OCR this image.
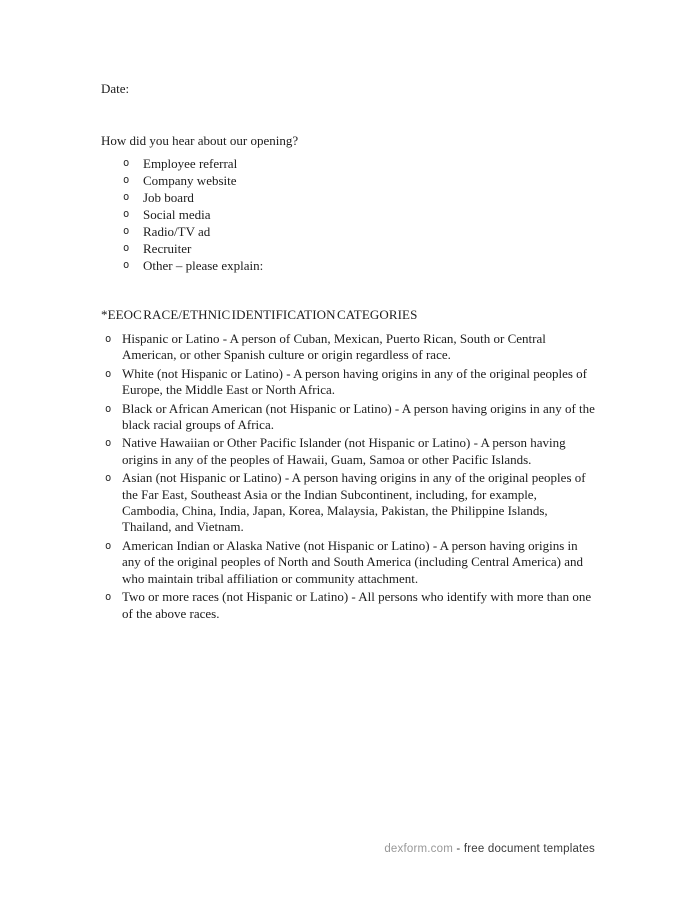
Date:

How did you hear about our opening?

o	Employee referral
o	Company website
o	Job board
o	Social media
o	Radio/TV ad
o	Recruiter
o	Other – please explain:

*EEOC RACE/ETHNIC IDENTIFICATION CATEGORIES

o Hispanic or Latino - A person of Cuban, Mexican, Puerto Rican, South or Central American, or other Spanish culture or origin regardless of race.
o White (not Hispanic or Latino) - A person having origins in any of the original peoples of Europe, the Middle East or North Africa.
o Black or African American (not Hispanic or Latino) - A person having origins in any of the black racial groups of Africa.
o Native Hawaiian or Other Pacific Islander (not Hispanic or Latino) - A person having origins in any of the peoples of Hawaii, Guam, Samoa or other Pacific Islands.
o Asian (not Hispanic or Latino) - A person having origins in any of the original peoples of the Far East, Southeast Asia or the Indian Subcontinent, including, for example, Cambodia, China, India, Japan, Korea, Malaysia, Pakistan, the Philippine Islands, Thailand, and Vietnam.
o American Indian or Alaska Native (not Hispanic or Latino) - A person having origins in any of the original peoples of North and South America (including Central America) and who maintain tribal affiliation or community attachment.
o Two or more races (not Hispanic or Latino) - All persons who identify with more than one of the above races.
dexform.com - free document templates
